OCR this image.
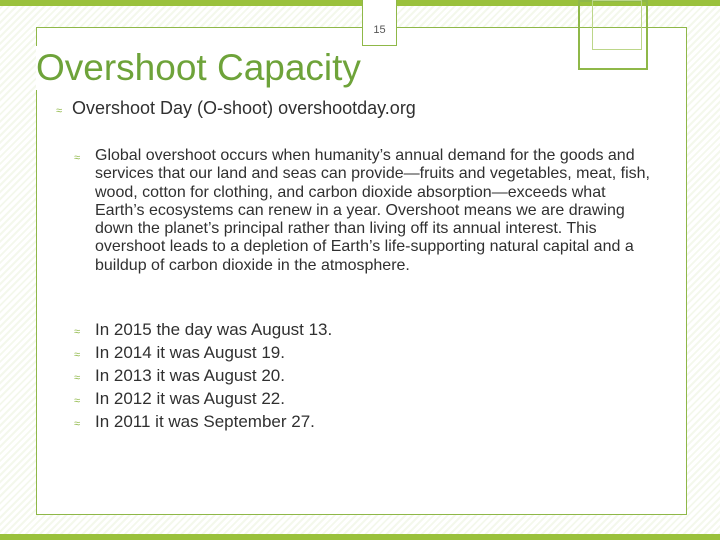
15
Overshoot Capacity
≈ Overshoot Day (O-shoot) overshootday.org
≈ Global overshoot occurs when humanity’s annual demand for the goods and services that our land and seas can provide—fruits and vegetables, meat, fish, wood, cotton for clothing, and carbon dioxide absorption—exceeds what Earth’s ecosystems can renew in a year. Overshoot means we are drawing down the planet’s principal rather than living off its annual interest. This overshoot leads to a depletion of Earth’s life-supporting natural capital and a buildup of carbon dioxide in the atmosphere.
≈ In 2015 the day was August 13.
≈ In 2014 it was August 19.
≈ In 2013 it was August 20.
≈ In 2012 it was August 22.
≈ In 2011 it was September 27.
